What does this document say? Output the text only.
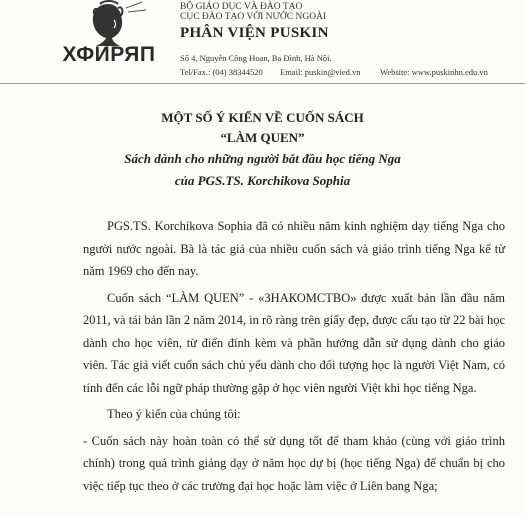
ХФИРЯП
BỘ GIÁO DỤC VÀ ĐÀO TẠO
CỤC ĐÀO TẠO VỚI NƯỚC NGOÀI
PHÂN VIỆN PUSKIN
Số 4, Nguyễn Công Hoan, Ba Đình, Hà Nội.
Tel/Fax.: (04) 38344520 Email: puskin@vied.vn Website: www.puskinhn.edu.vn
MỘT SỐ Ý KIẾN VỀ CUỐN SÁCH
“LÀM QUEN”
Sách dành cho những người bắt đầu học tiếng Nga
của PGS.TS. Korchikova Sophia

PGS.TS. Korchikova Sophia đã có nhiều năm kinh nghiệm dạy tiếng Nga cho người nước ngoài. Bà là tác giả của nhiều cuốn sách và giáo trình tiếng Nga kể từ năm 1969 cho đến nay.

Cuốn sách “LÀM QUEN” - «ЗНАКОМСТВО» được xuất bản lần đầu năm 2011, và tái bản lần 2 năm 2014, in rõ ràng trên giấy đẹp, được cấu tạo từ 22 bài học dành cho học viên, từ điển đính kèm và phần hướng dẫn sử dụng dành cho giáo viên. Tác giả viết cuốn sách chủ yếu dành cho đối tượng học là người Việt Nam, có tính đến các lỗi ngữ pháp thường gặp ở học viên người Việt khi học tiếng Nga.

Theo ý kiến của chúng tôi:

- Cuốn sách này hoàn toàn có thể sử dụng tốt để tham khảo (cùng với giáo trình chính) trong quá trình giảng dạy ở năm học dự bị (học tiếng Nga) để chuẩn bị cho việc tiếp tục theo ở các trường đại học hoặc làm việc ở Liên bang Nga;
